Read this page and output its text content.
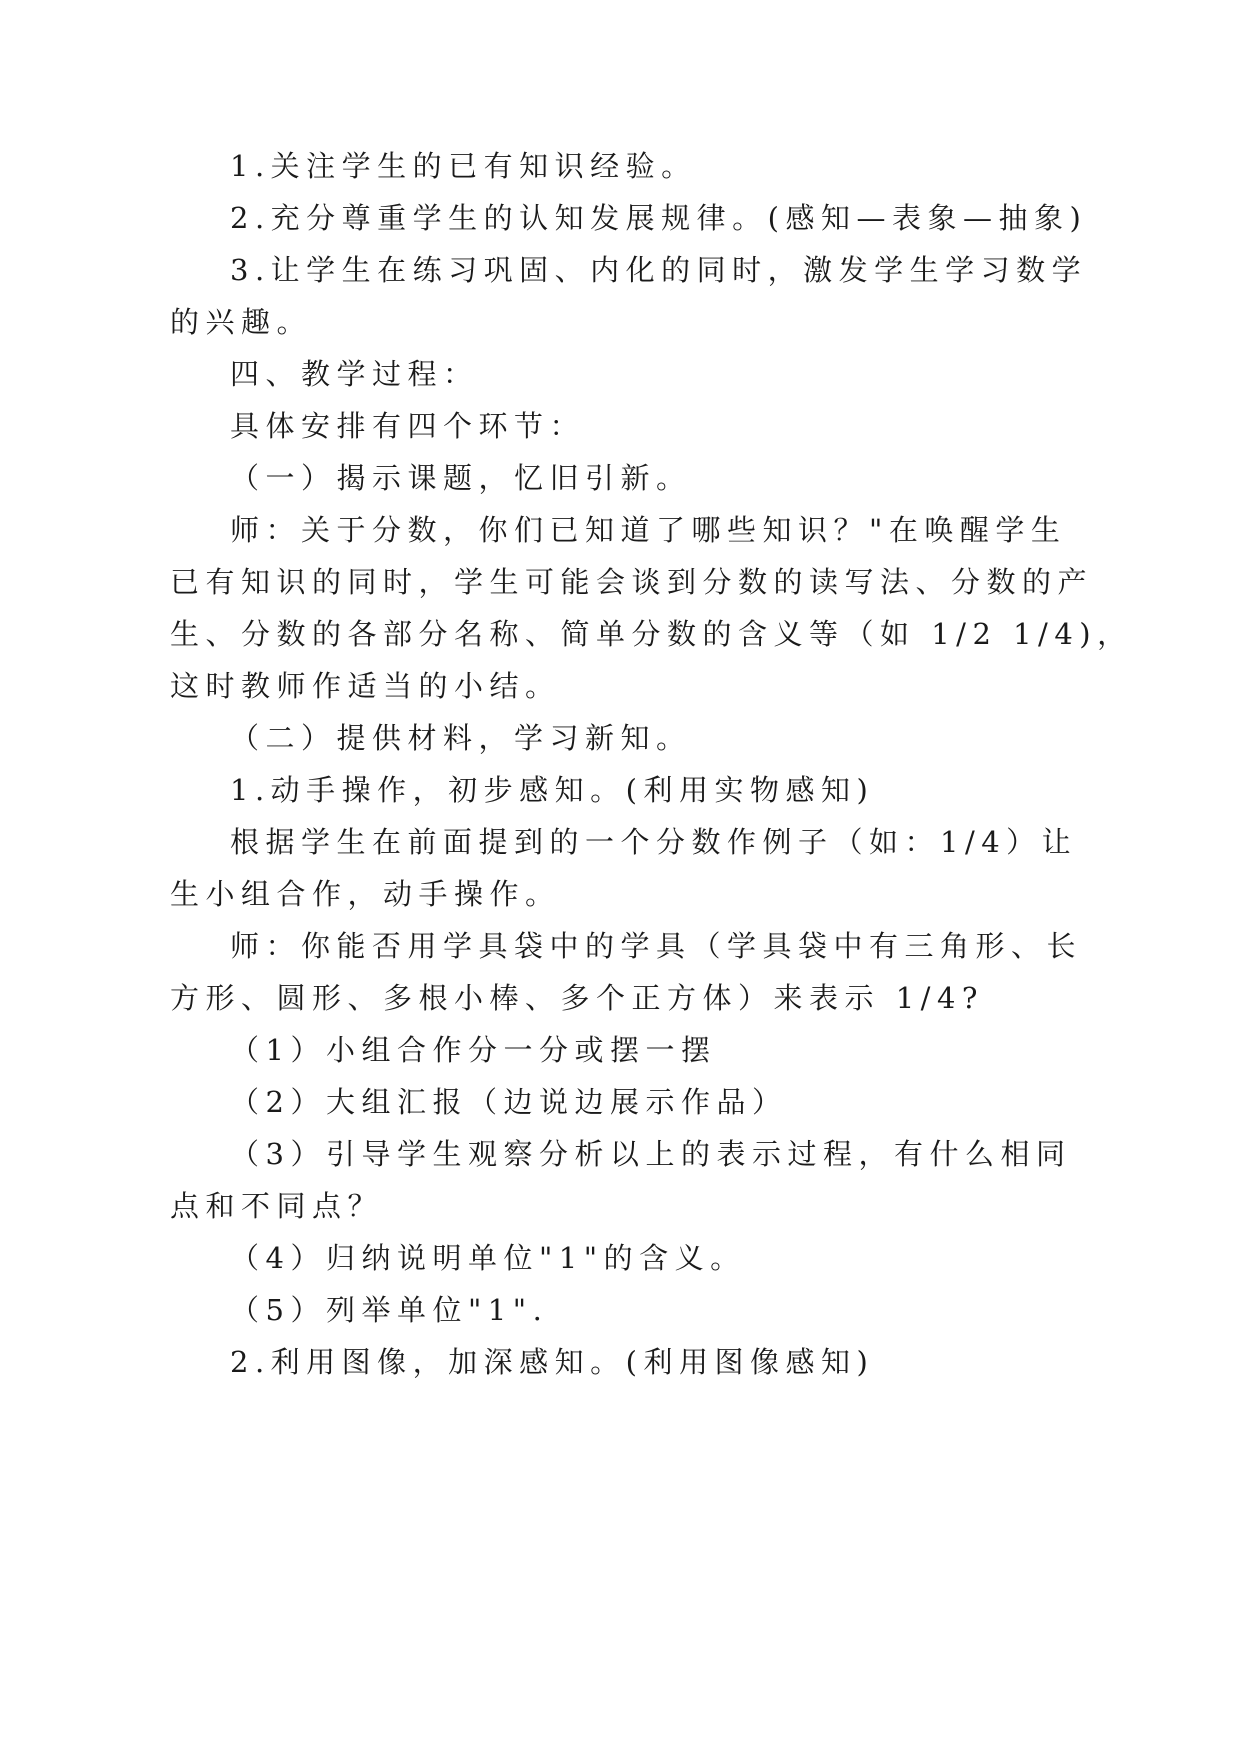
1.关注学生的已有知识经验。
2.充分尊重学生的认知发展规律。(感知—表象—抽象)
3.让学生在练习巩固、内化的同时，激发学生学习数学
的兴趣。
四、教学过程：
具体安排有四个环节：
（一）揭示课题，忆旧引新。
师：关于分数，你们已知道了哪些知识？"在唤醒学生
已有知识的同时，学生可能会谈到分数的读写法、分数的产
生、分数的各部分名称、简单分数的含义等（如 1/2 1/4)，
这时教师作适当的小结。
（二）提供材料，学习新知。
1.动手操作，初步感知。(利用实物感知)
根据学生在前面提到的一个分数作例子（如：1/4）让
生小组合作，动手操作。
师：你能否用学具袋中的学具（学具袋中有三角形、长
方形、圆形、多根小棒、多个正方体）来表示 1/4?
（1）小组合作分一分或摆一摆
（2）大组汇报（边说边展示作品）
（3）引导学生观察分析以上的表示过程，有什么相同
点和不同点？
（4）归纳说明单位"1"的含义。
（5）列举单位"1".
2.利用图像，加深感知。(利用图像感知)
